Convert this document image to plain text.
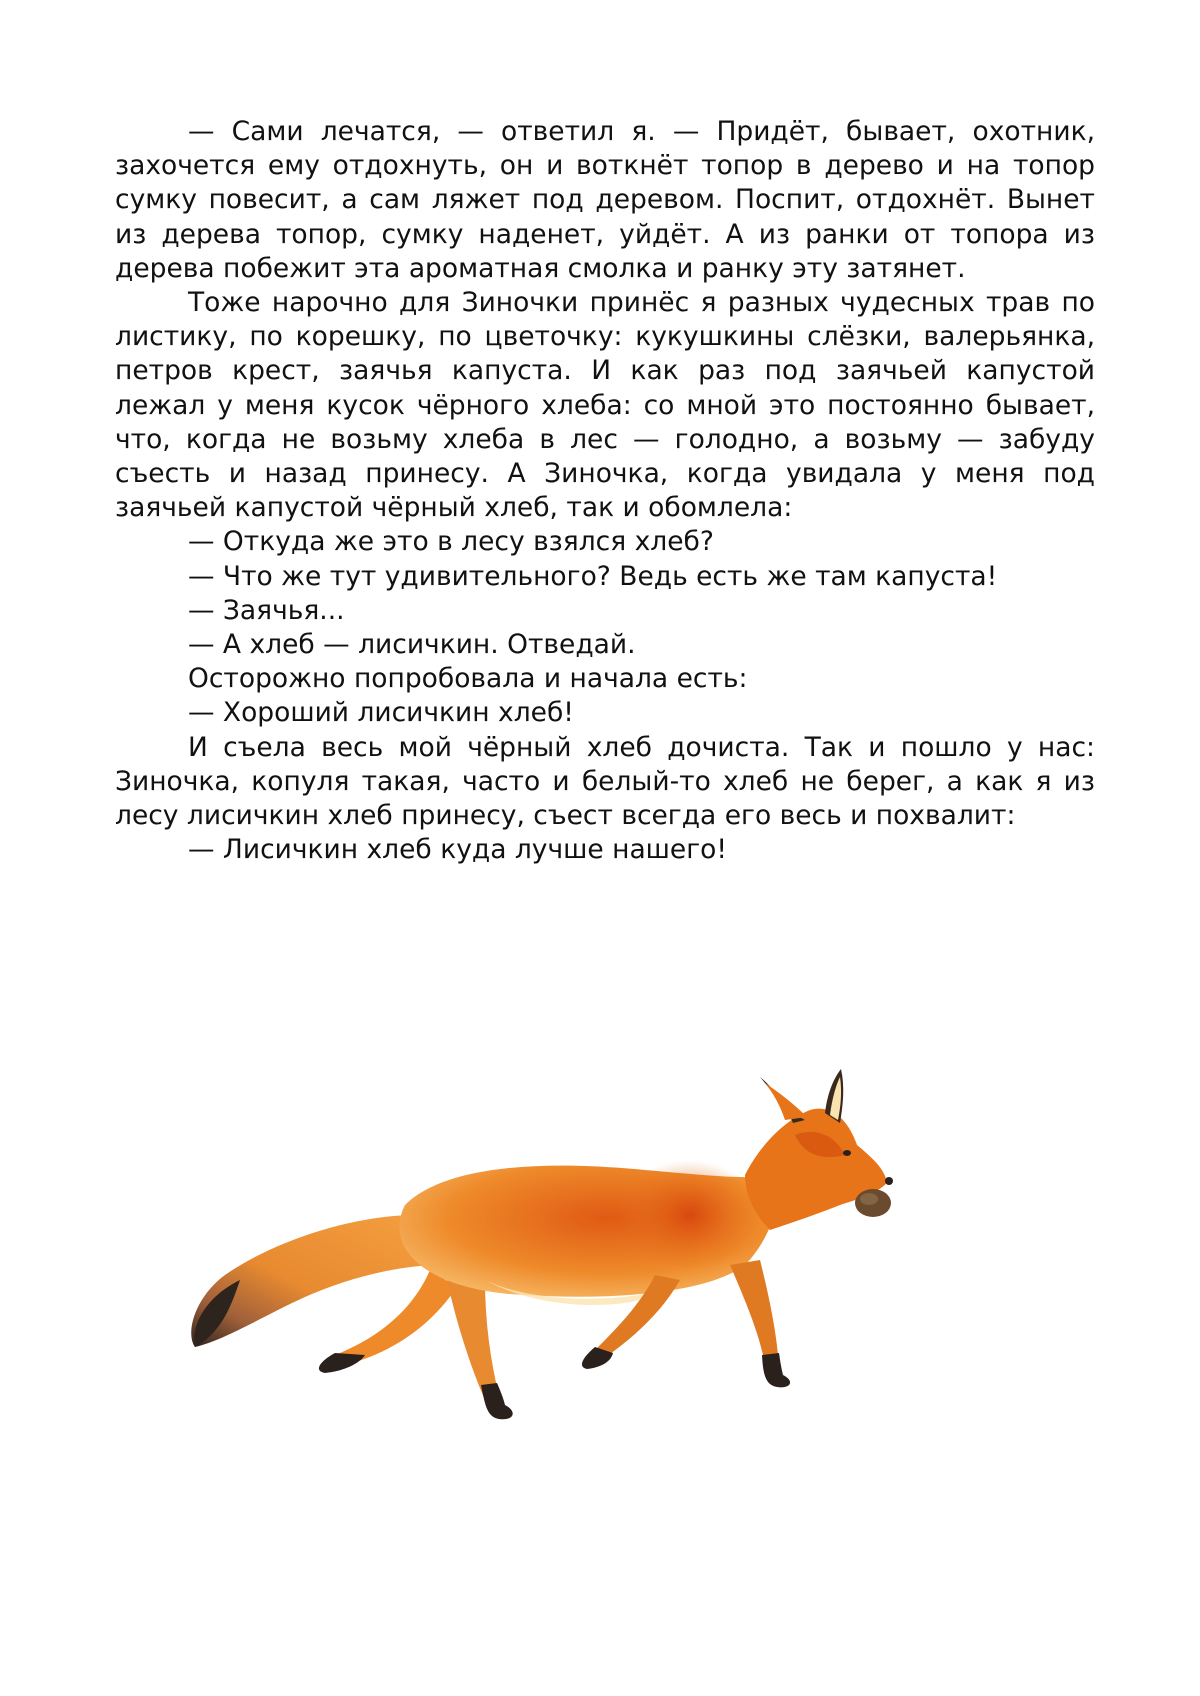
— Сами лечатся, — ответил я. — Придёт, бывает, охотник, захочется ему отдохнуть, он и воткнёт топор в дерево и на топор сумку повесит, а сам ляжет под деревом. Поспит, отдохнёт. Вынет из дерева топор, сумку наденет, уйдёт. А из ранки от топора из дерева побежит эта ароматная смолка и ранку эту затянет.

Тоже нарочно для Зиночки принёс я разных чудесных трав по листику, по корешку, по цветочку: кукушкины слёзки, валерьянка, петров крест, заячья капуста. И как раз под заячьей капустой лежал у меня кусок чёрного хлеба: со мной это постоянно бывает, что, когда не возьму хлеба в лес — голодно, а возьму — забуду съесть и назад принесу. А Зиночка, когда увидала у меня под заячьей капустой чёрный хлеб, так и обомлела:

— Откуда же это в лесу взялся хлеб?

— Что же тут удивительного? Ведь есть же там капуста!

— Заячья...

— А хлеб — лисичкин. Отведай.

Осторожно попробовала и начала есть:

— Хороший лисичкин хлеб!

И съела весь мой чёрный хлеб дочиста. Так и пошло у нас: Зиночка, копуля такая, часто и белый-то хлеб не берег, а как я из лесу лисичкин хлеб принесу, съест всегда его весь и похвалит:

— Лисичкин хлеб куда лучше нашего!
